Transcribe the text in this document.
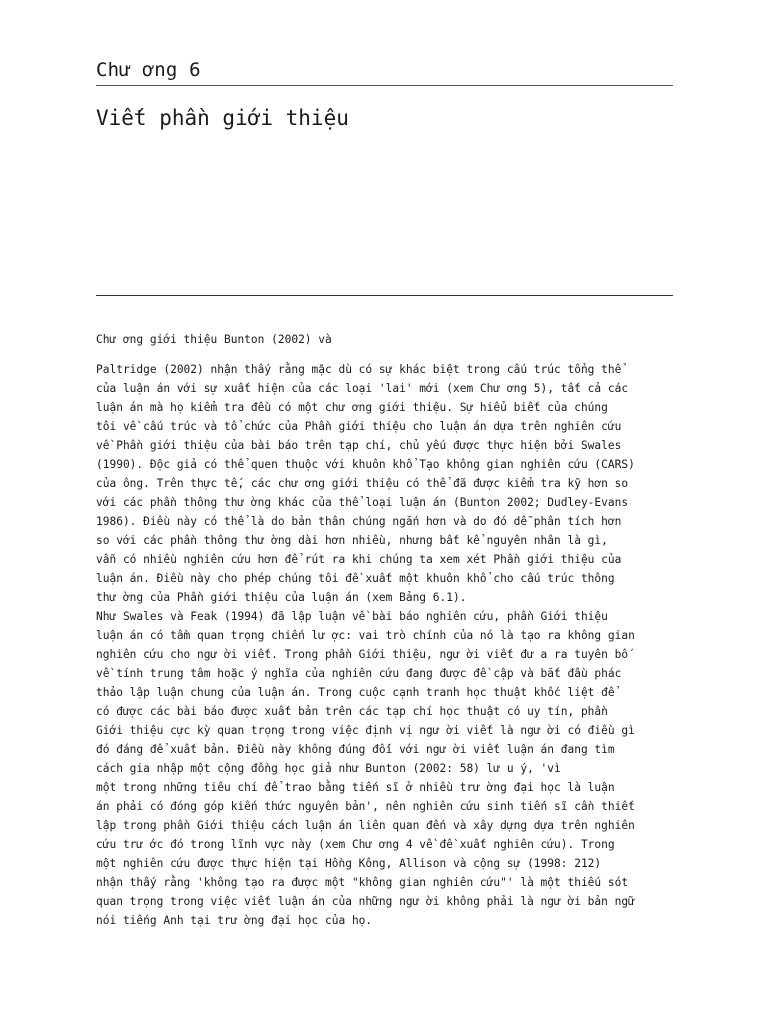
Chư ơng 6
Viết phần giới thiệu
Chư ơng giới thiệu Bunton (2002) và
Paltridge (2002) nhận thấy rằng mặc dù có sự khác biệt trong cấu trúc tổng thể
của luận án với sự xuất hiện của các loại 'lai' mới (xem Chư ơng 5), tất cả các
luận án mà họ kiểm tra đều có một chư ơng giới thiệu. Sự hiểu biết của chúng
tôi về cấu trúc và tổ chức của Phần giới thiệu cho luận án dựa trên nghiên cứu
về Phần giới thiệu của bài báo trên tạp chí, chủ yếu được thực hiện bởi Swales
(1990). Độc giả có thể quen thuộc với khuôn khổ Tạo không gian nghiên cứu (CARS)
của ông. Trên thực tế, các chư ơng giới thiệu có thể đã được kiểm tra kỹ hơn so
với các phần thông thư ờng khác của thể loại luận án (Bunton 2002; Dudley-Evans
1986). Điều này có thể là do bản thân chúng ngắn hơn và do đó dễ phân tích hơn
so với các phần thông thư ờng dài hơn nhiều, nhưng bất kể nguyên nhân là gì,
vẫn có nhiều nghiên cứu hơn để rút ra khi chúng ta xem xét Phần giới thiệu của
luận án. Điều này cho phép chúng tôi đề xuất một khuôn khổ cho cấu trúc thông
thư ờng của Phần giới thiệu của luận án (xem Bảng 6.1).
Như Swales và Feak (1994) đã lập luận về bài báo nghiên cứu, phần Giới thiệu
luận án có tầm quan trọng chiến lư ợc: vai trò chính của nó là tạo ra không gian
nghiên cứu cho ngư ời viết. Trong phần Giới thiệu, ngư ời viết đư a ra tuyên bố
về tính trung tâm hoặc ý nghĩa của nghiên cứu đang được đề cập và bắt đầu phác
thảo lập luận chung của luận án. Trong cuộc cạnh tranh học thuật khốc liệt để
có được các bài báo được xuất bản trên các tạp chí học thuật có uy tín, phần
Giới thiệu cực kỳ quan trọng trong việc định vị ngư ời viết là ngư ời có điều gì
đó đáng để xuất bản. Điều này không đúng đối với ngư ời viết luận án đang tìm
cách gia nhập một cộng đồng học giả như Bunton (2002: 58) lư u ý, 'vì
một trong những tiêu chí để trao bằng tiến sĩ ở nhiều trư ờng đại học là luận
án phải có đóng góp kiến thức nguyên bản', nên nghiên cứu sinh tiến sĩ cần thiết
lập trong phần Giới thiệu cách luận án liên quan đến và xây dựng dựa trên nghiên
cứu trư ớc đó trong lĩnh vực này (xem Chư ơng 4 về đề xuất nghiên cứu). Trong
một nghiên cứu được thực hiện tại Hồng Kông, Allison và cộng sự (1998: 212)
nhận thấy rằng 'không tạo ra được một "không gian nghiên cứu"' là một thiếu sót
quan trọng trong việc viết luận án của những ngư ời không phải là ngư ời bản ngữ
nói tiếng Anh tại trư ờng đại học của họ.
